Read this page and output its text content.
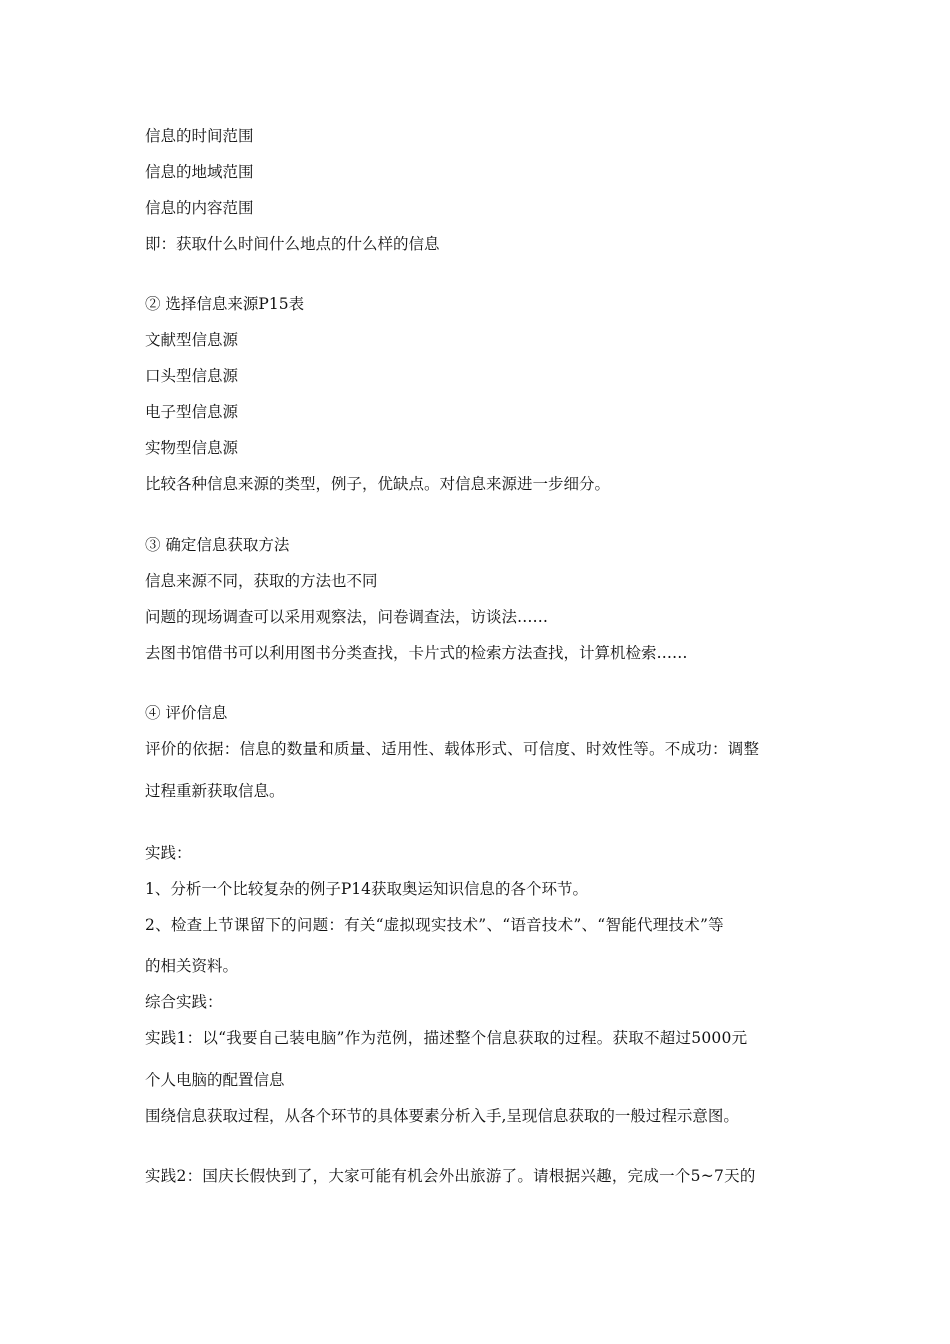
信息的时间范围

信息的地域范围

信息的内容范围

即：获取什么时间什么地点的什么样的信息

② 选择信息来源P15表

文献型信息源

口头型信息源

电子型信息源

实物型信息源

比较各种信息来源的类型，例子，优缺点。对信息来源进一步细分。

③ 确定信息获取方法

信息来源不同，获取的方法也不同

问题的现场调查可以采用观察法，问卷调查法，访谈法……

去图书馆借书可以利用图书分类查找，卡片式的检索方法查找，计算机检索……

④ 评价信息

评价的依据：信息的数量和质量、适用性、载体形式、可信度、时效性等。不成功：调整

过程重新获取信息。

实践：

1、分析一个比较复杂的例子P14获取奥运知识信息的各个环节。

2、检查上节课留下的问题：有关“虚拟现实技术”、“语音技术”、“智能代理技术”等

的相关资料。

综合实践：

实践1：以“我要自己装电脑”作为范例，描述整个信息获取的过程。获取不超过5000元

个人电脑的配置信息

围绕信息获取过程，从各个环节的具体要素分析入手,呈现信息获取的一般过程示意图。

实践2：国庆长假快到了，大家可能有机会外出旅游了。请根据兴趣，完成一个5~7天的
